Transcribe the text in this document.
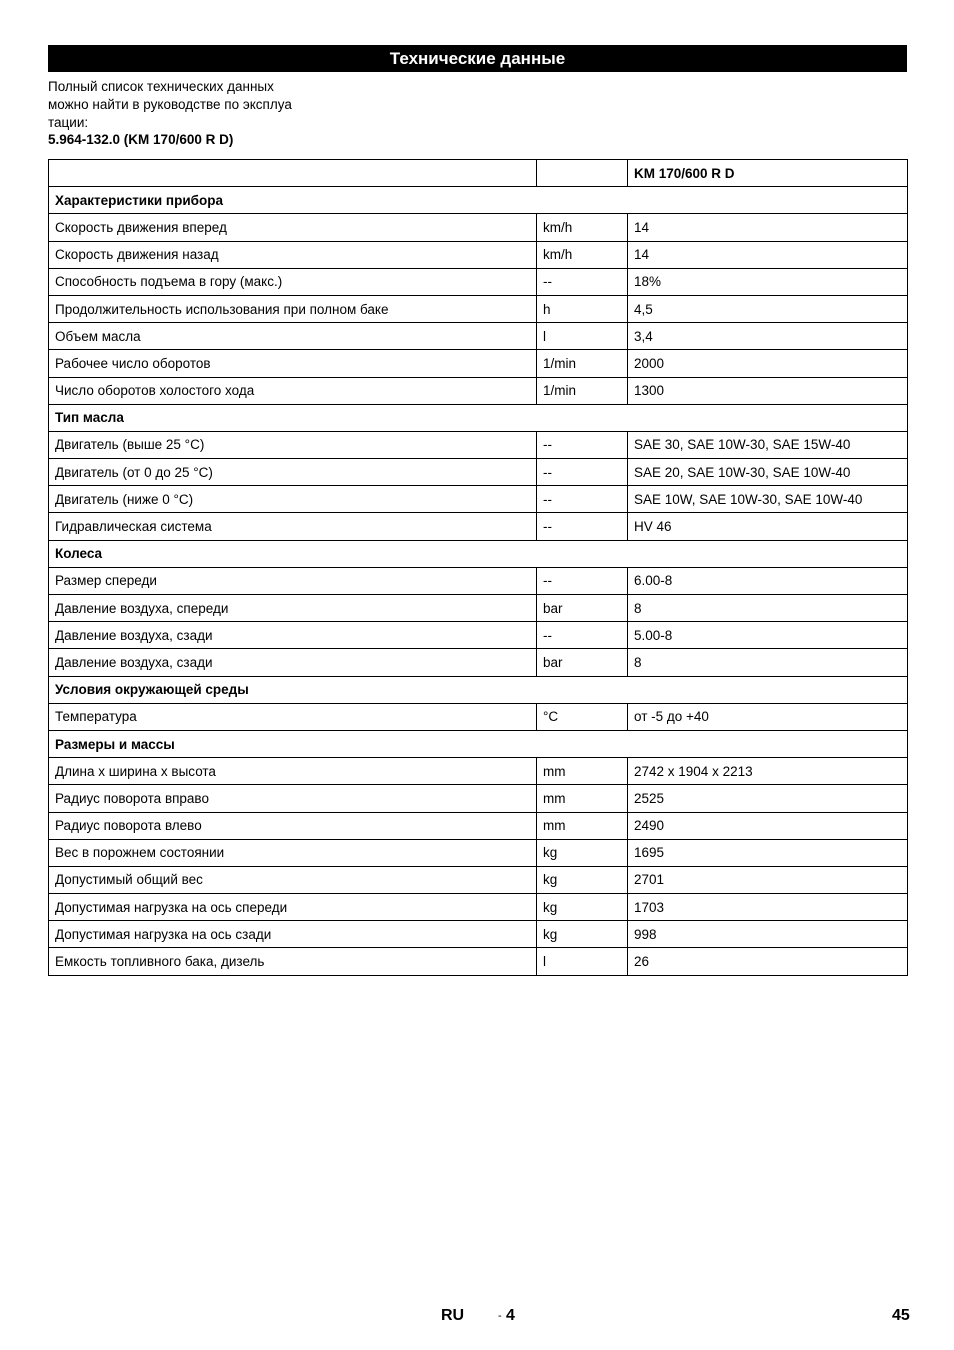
Технические данные
Полный список технических данных
можно найти в руководстве по эксплуа
тации:
5.964-132.0 (KM 170/600 R D)
		KM 170/600 R D
Характеристики прибора		
Скорость движения вперед	km/h	14
Скорость движения назад	km/h	14
Способность подъема в гору (макс.)	--	18%
Продолжительность использования при полном баке	h	4,5
Объем масла	l	3,4
Рабочее число оборотов	1/min	2000
Число оборотов холостого хода	1/min	1300
Тип масла		
Двигатель (выше 25 °C)	--	SAE 30, SAE 10W-30, SAE 15W-40
Двигатель (от 0 до 25 °C)	--	SAE 20, SAE 10W-30, SAE 10W-40
Двигатель (ниже 0 °C)	--	SAE 10W, SAE 10W-30, SAE 10W-40
Гидравлическая система	--	HV 46
Колеса		
Размер спереди	--	6.00-8
Давление воздуха, спереди	bar	8
Давление воздуха, сзади	--	5.00-8
Давление воздуха, сзади	bar	8
Условия окружающей среды		
Температура	°C	от -5 до +40
Размеры и массы		
Длина x ширина x высота	mm	2742 x 1904 x 2213
Радиус поворота вправо	mm	2525
Радиус поворота влево	mm	2490
Вес в порожнем состоянии	kg	1695
Допустимый общий вес	kg	2701
Допустимая нагрузка на ось спереди	kg	1703
Допустимая нагрузка на ось сзади	kg	998
Емкость топливного бака, дизель	l	26
RU	- 4	45
